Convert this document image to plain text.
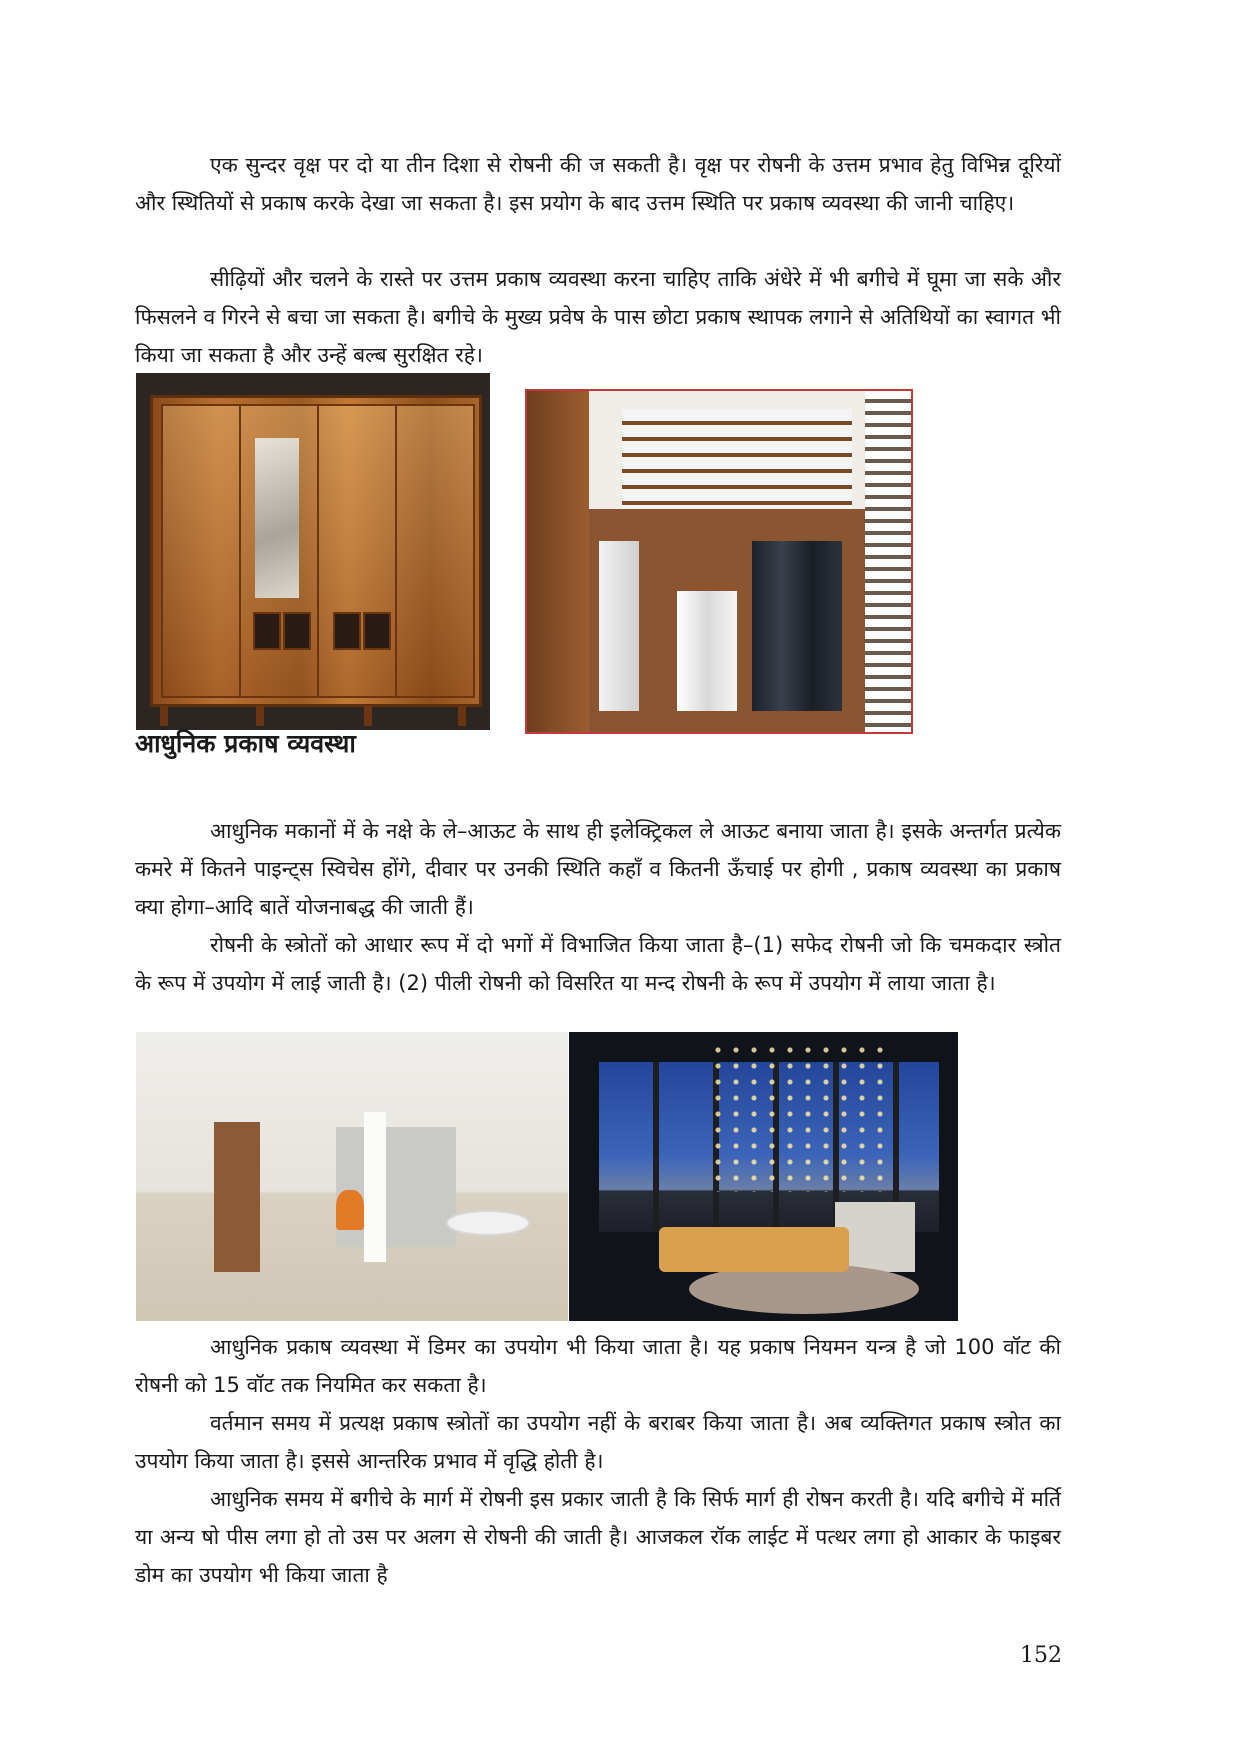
एक सुन्दर वृक्ष पर दो या तीन दिशा से रोषनी की ज सकती है। वृक्ष पर रोषनी के उत्तम प्रभाव हेतु विभिन्न दूरियों और स्थितियों से प्रकाष करके देखा जा सकता है। इस प्रयोग के बाद उत्तम स्थिति पर प्रकाष व्यवस्था की जानी चाहिए।

सीढ़ियों और चलने के रास्ते पर उत्तम प्रकाष व्यवस्था करना चाहिए ताकि अंधेरे में भी बगीचे में घूमा जा सके और फिसलने व गिरने से बचा जा सकता है। बगीचे के मुख्य प्रवेष के पास छोटा प्रकाष स्थापक लगाने से अतिथियों का स्वागत भी किया जा सकता है और उन्हें बल्ब सुरक्षित रहे।

आधुनिक प्रकाष व्यवस्था

आधुनिक मकानों में के नक्षे के ले–आऊट के साथ ही इलेक्ट्रिकल ले आऊट बनाया जाता है। इसके अन्तर्गत प्रत्येक कमरे में कितने पाइन्ट्स स्विचेस होंगे, दीवार पर उनकी स्थिति कहाँ व कितनी ऊँचाई पर होगी , प्रकाष व्यवस्था का प्रकाष क्या होगा–आदि बातें योजनाबद्ध की जाती हैं।

रोषनी के स्त्रोतों को आधार रूप में दो भगों में विभाजित किया जाता है–(1) सफेद रोषनी जो कि चमकदार स्त्रोत के रूप में उपयोग में लाई जाती है। (2) पीली रोषनी को विसरित या मन्द रोषनी के रूप में उपयोग में लाया जाता है।

आधुनिक प्रकाष व्यवस्था में डिमर का उपयोग भी किया जाता है। यह प्रकाष नियमन यन्त्र है जो 100 वॉट की रोषनी को 15 वॉट तक नियमित कर सकता है।

वर्तमान समय में प्रत्यक्ष प्रकाष स्त्रोतों का उपयोग नहीं के बराबर किया जाता है। अब व्यक्तिगत प्रकाष स्त्रोत का उपयोग किया जाता है। इससे आन्तरिक प्रभाव में वृद्धि होती है।

आधुनिक समय में बगीचे के मार्ग में रोषनी इस प्रकार जाती है कि सिर्फ मार्ग ही रोषन करती है। यदि बगीचे में मर्ति या अन्य षो पीस लगा हो तो उस पर अलग से रोषनी की जाती है। आजकल रॉक लाईट में पत्थर लगा हो आकार के फाइबर डोम का उपयोग भी किया जाता है

152
